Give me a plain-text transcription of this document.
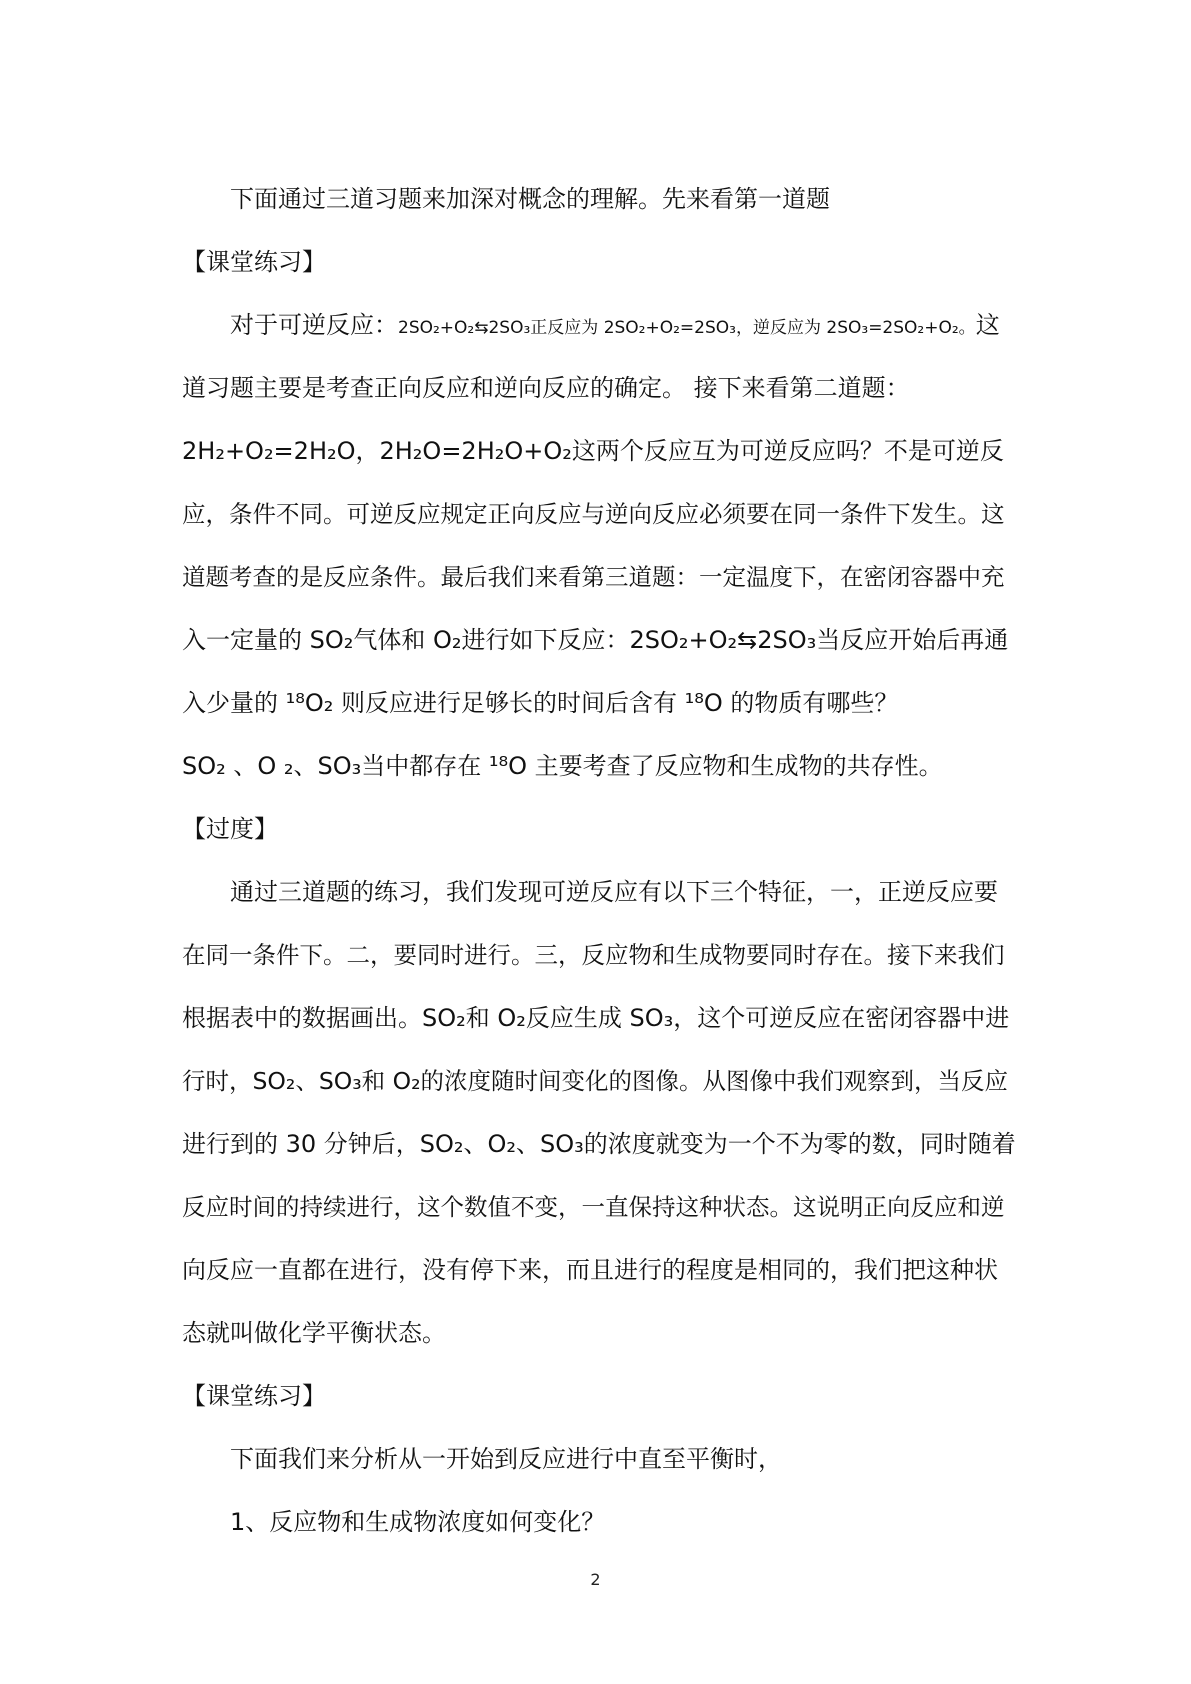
下面通过三道习题来加深对概念的理解。先来看第一道题
【课堂练习】
对于可逆反应：2SO₂+O₂⇆2SO₃正反应为 2SO₂+O₂=2SO₃，逆反应为 2SO₃=2SO₂+O₂。这
道习题主要是考查正向反应和逆向反应的确定。 接下来看第二道题：
2H₂+O₂=2H₂O，2H₂O=2H₂O+O₂这两个反应互为可逆反应吗？不是可逆反
应，条件不同。可逆反应规定正向反应与逆向反应必须要在同一条件下发生。这
道题考查的是反应条件。最后我们来看第三道题：一定温度下，在密闭容器中充
入一定量的 SO₂气体和 O₂进行如下反应：2SO₂+O₂⇆2SO₃当反应开始后再通
入少量的 ¹⁸O₂ 则反应进行足够长的时间后含有 ¹⁸O 的物质有哪些？
SO₂ 、O ₂、SO₃当中都存在 ¹⁸O 主要考查了反应物和生成物的共存性。
【过度】
通过三道题的练习，我们发现可逆反应有以下三个特征，一，正逆反应要
在同一条件下。二，要同时进行。三，反应物和生成物要同时存在。接下来我们
根据表中的数据画出。SO₂和 O₂反应生成 SO₃，这个可逆反应在密闭容器中进
行时，SO₂、SO₃和 O₂的浓度随时间变化的图像。从图像中我们观察到，当反应
进行到的 30 分钟后，SO₂、O₂、SO₃的浓度就变为一个不为零的数，同时随着
反应时间的持续进行，这个数值不变，一直保持这种状态。这说明正向反应和逆
向反应一直都在进行，没有停下来，而且进行的程度是相同的，我们把这种状
态就叫做化学平衡状态。
【课堂练习】
下面我们来分析从一开始到反应进行中直至平衡时，
1、反应物和生成物浓度如何变化？
2
